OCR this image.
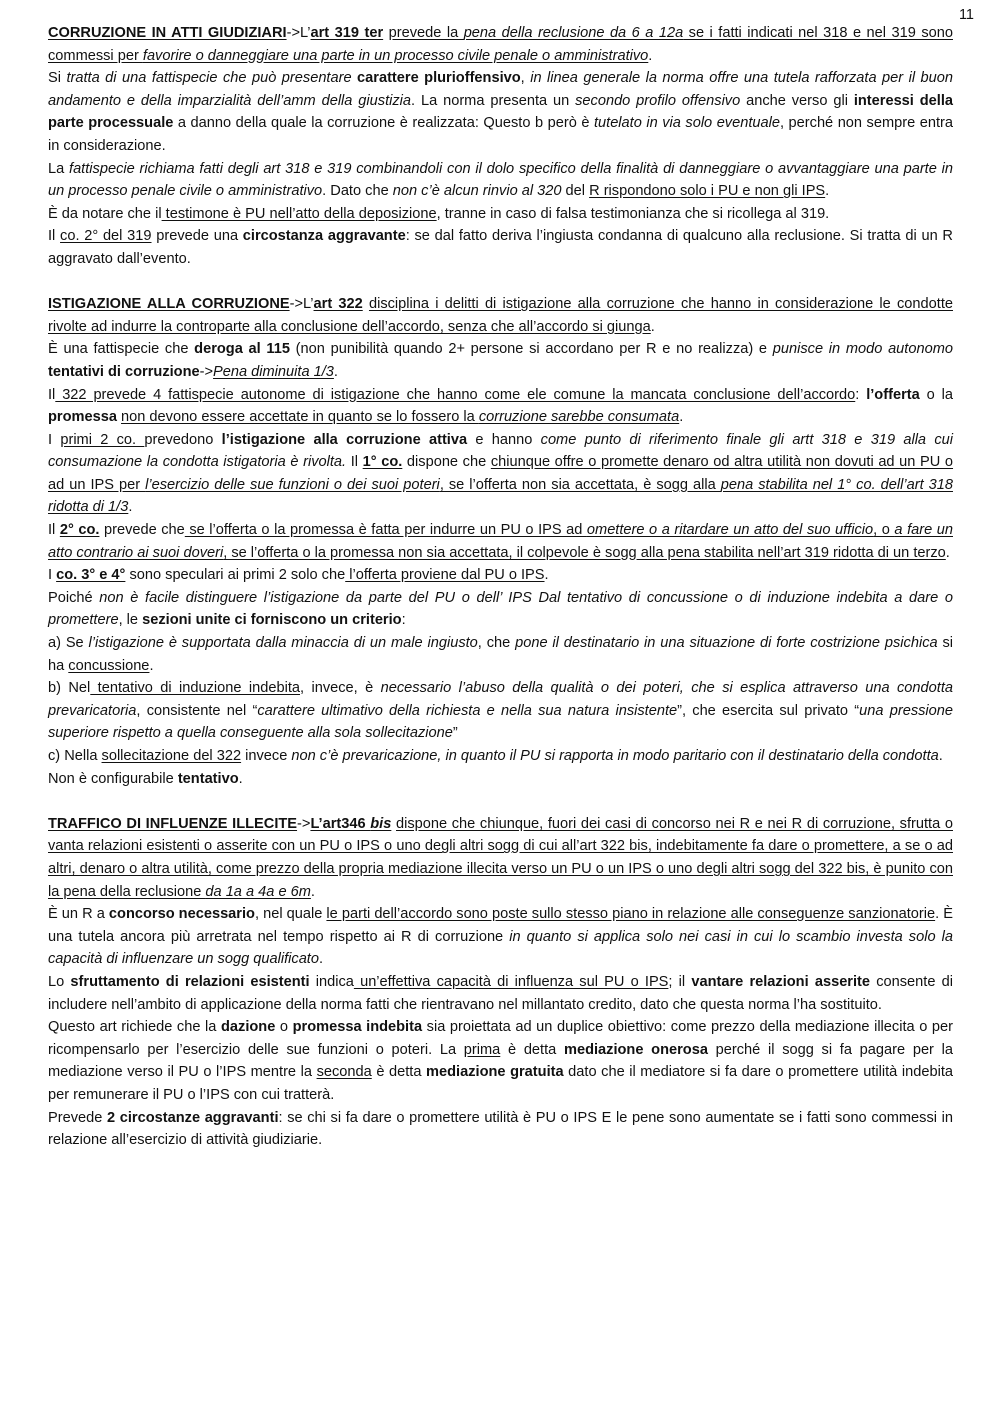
11

CORRUZIONE IN ATTI GIUDIZIARI->L’art 319 ter prevede la pena della reclusione da 6 a 12a se i fatti indicati nel 318 e nel 319 sono commessi per favorire o danneggiare una parte in un processo civile penale o amministrativo.

Si tratta di una fattispecie che può presentare carattere plurioffensivo, in linea generale la norma offre una tutela rafforzata per il buon andamento e della imparzialità dell’amm della giustizia. La norma presenta un secondo profilo offensivo anche verso gli interessi della parte processuale a danno della quale la corruzione è realizzata: Questo b però è tutelato in via solo eventuale, perché non sempre entra in considerazione.

La fattispecie richiama fatti degli art 318 e 319 combinandoli con il dolo specifico della finalità di danneggiare o avvantaggiare una parte in un processo penale civile o amministrativo. Dato che non c’è alcun rinvio al 320 del R rispondono solo i PU e non gli IPS.

È da notare che il testimone è PU nell’atto della deposizione, tranne in caso di falsa testimonianza che si ricollega al 319.

Il co. 2° del 319 prevede una circostanza aggravante: se dal fatto deriva l’ingiusta condanna di qualcuno alla reclusione. Si tratta di un R aggravato dall’evento.

ISTIGAZIONE ALLA CORRUZIONE->L’art 322 disciplina i delitti di istigazione alla corruzione che hanno in considerazione le condotte rivolte ad indurre la controparte alla conclusione dell’accordo, senza che all’accordo si giunga.

È una fattispecie che deroga al 115 (non punibilità quando 2+ persone si accordano per R e no realizza) e punisce in modo autonomo tentativi di corruzione->Pena diminuita 1/3.

Il 322 prevede 4 fattispecie autonome di istigazione che hanno come ele comune la mancata conclusione dell’accordo: l’offerta o la promessa non devono essere accettate in quanto se lo fossero la corruzione sarebbe consumata.

I primi 2 co. prevedono l’istigazione alla corruzione attiva e hanno come punto di riferimento finale gli artt 318 e 319 alla cui consumazione la condotta istigatoria è rivolta. Il 1° co. dispone che chiunque offre o promette denaro od altra utilità non dovuti ad un PU o ad un IPS per l’esercizio delle sue funzioni o dei suoi poteri, se l’offerta non sia accettata, è sogg alla pena stabilita nel 1° co. dell’art 318 ridotta di 1/3.

Il 2° co. prevede che se l’offerta o la promessa è fatta per indurre un PU o IPS ad omettere o a ritardare un atto del suo ufficio, o a fare un atto contrario ai suoi doveri, se l’offerta o la promessa non sia accettata, il colpevole è sogg alla pena stabilita nell’art 319 ridotta di un terzo.

I co. 3° e 4° sono speculari ai primi 2 solo che l’offerta proviene dal PU o IPS.

Poiché non è facile distinguere l’istigazione da parte del PU o dell’ IPS Dal tentativo di concussione o di induzione indebita a dare o promettere, le sezioni unite ci forniscono un criterio:

a) Se l’istigazione è supportata dalla minaccia di un male ingiusto, che pone il destinatario in una situazione di forte costrizione psichica si ha concussione.

b) Nel tentativo di induzione indebita, invece, è necessario l’abuso della qualità o dei poteri, che si esplica attraverso una condotta prevaricatoria, consistente nel “carattere ultimativo della richiesta e nella sua natura insistente”, che esercita sul privato “una pressione superiore rispetto a quella conseguente alla sola sollecitazione”

c) Nella sollecitazione del 322 invece non c’è prevaricazione, in quanto il PU si rapporta in modo paritario con il destinatario della condotta.

Non è configurabile tentativo.

TRAFFICO DI INFLUENZE ILLECITE->L’art346 bis dispone che chiunque, fuori dei casi di concorso nei R e nei R di corruzione, sfrutta o vanta relazioni esistenti o asserite con un PU o IPS o uno degli altri sogg di cui all’art 322 bis, indebitamente fa dare o promettere, a se o ad altri, denaro o altra utilità, come prezzo della propria mediazione illecita verso un PU o un IPS o uno degli altri sogg del 322 bis, è punito con la pena della reclusione da 1a a 4a e 6m.

È un R a concorso necessario, nel quale le parti dell’accordo sono poste sullo stesso piano in relazione alle conseguenze sanzionatorie. È una tutela ancora più arretrata nel tempo rispetto ai R di corruzione in quanto si applica solo nei casi in cui lo scambio investa solo la capacità di influenzare un sogg qualificato.

Lo sfruttamento di relazioni esistenti indica un’effettiva capacità di influenza sul PU o IPS; il vantare relazioni asserite consente di includere nell’ambito di applicazione della norma fatti che rientravano nel millantato credito, dato che questa norma l’ha sostituito.

Questo art richiede che la dazione o promessa indebita sia proiettata ad un duplice obiettivo: come prezzo della mediazione illecita o per ricompensarlo per l’esercizio delle sue funzioni o poteri. La prima è detta mediazione onerosa perché il sogg si fa pagare per la mediazione verso il PU o l’IPS mentre la seconda è detta mediazione gratuita dato che il mediatore si fa dare o promettere utilità indebita per remunerare il PU o l’IPS con cui tratterà.

Prevede 2 circostanze aggravanti: se chi si fa dare o promettere utilità è PU o IPS E le pene sono aumentate se i fatti sono commessi in relazione all’esercizio di attività giudiziarie.
